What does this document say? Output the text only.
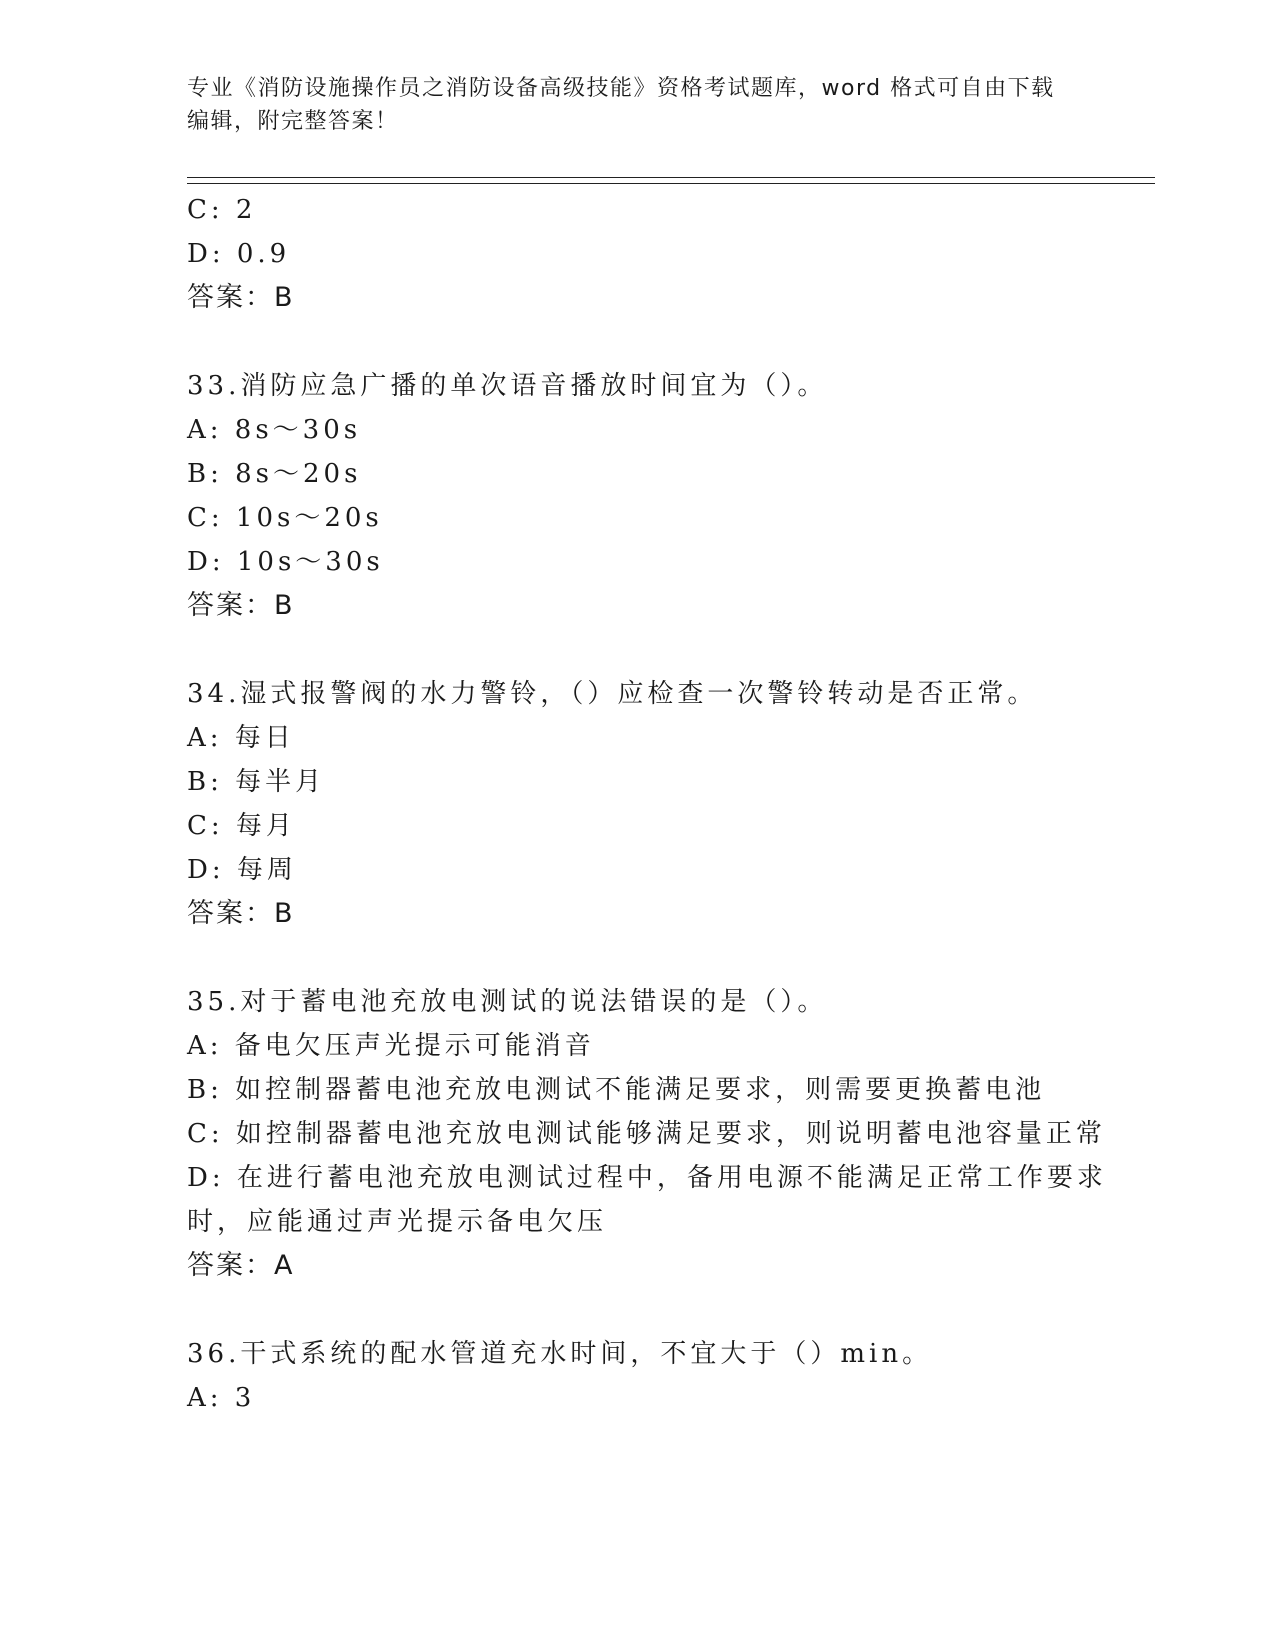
专业《消防设施操作员之消防设备高级技能》资格考试题库，word 格式可自由下载编辑，附完整答案！
C: 2
D: 0.9
答案：B
33.消防应急广播的单次语音播放时间宜为（）。
A: 8s～30s
B: 8s～20s
C: 10s～20s
D: 10s～30s
答案：B
34.湿式报警阀的水力警铃，（）应检查一次警铃转动是否正常。
A: 每日
B: 每半月
C: 每月
D: 每周
答案：B
35.对于蓄电池充放电测试的说法错误的是（）。
A: 备电欠压声光提示可能消音
B: 如控制器蓄电池充放电测试不能满足要求，则需要更换蓄电池
C: 如控制器蓄电池充放电测试能够满足要求，则说明蓄电池容量正常
D: 在进行蓄电池充放电测试过程中，备用电源不能满足正常工作要求
时，应能通过声光提示备电欠压
答案：A
36.干式系统的配水管道充水时间，不宜大于（）min。
A: 3
